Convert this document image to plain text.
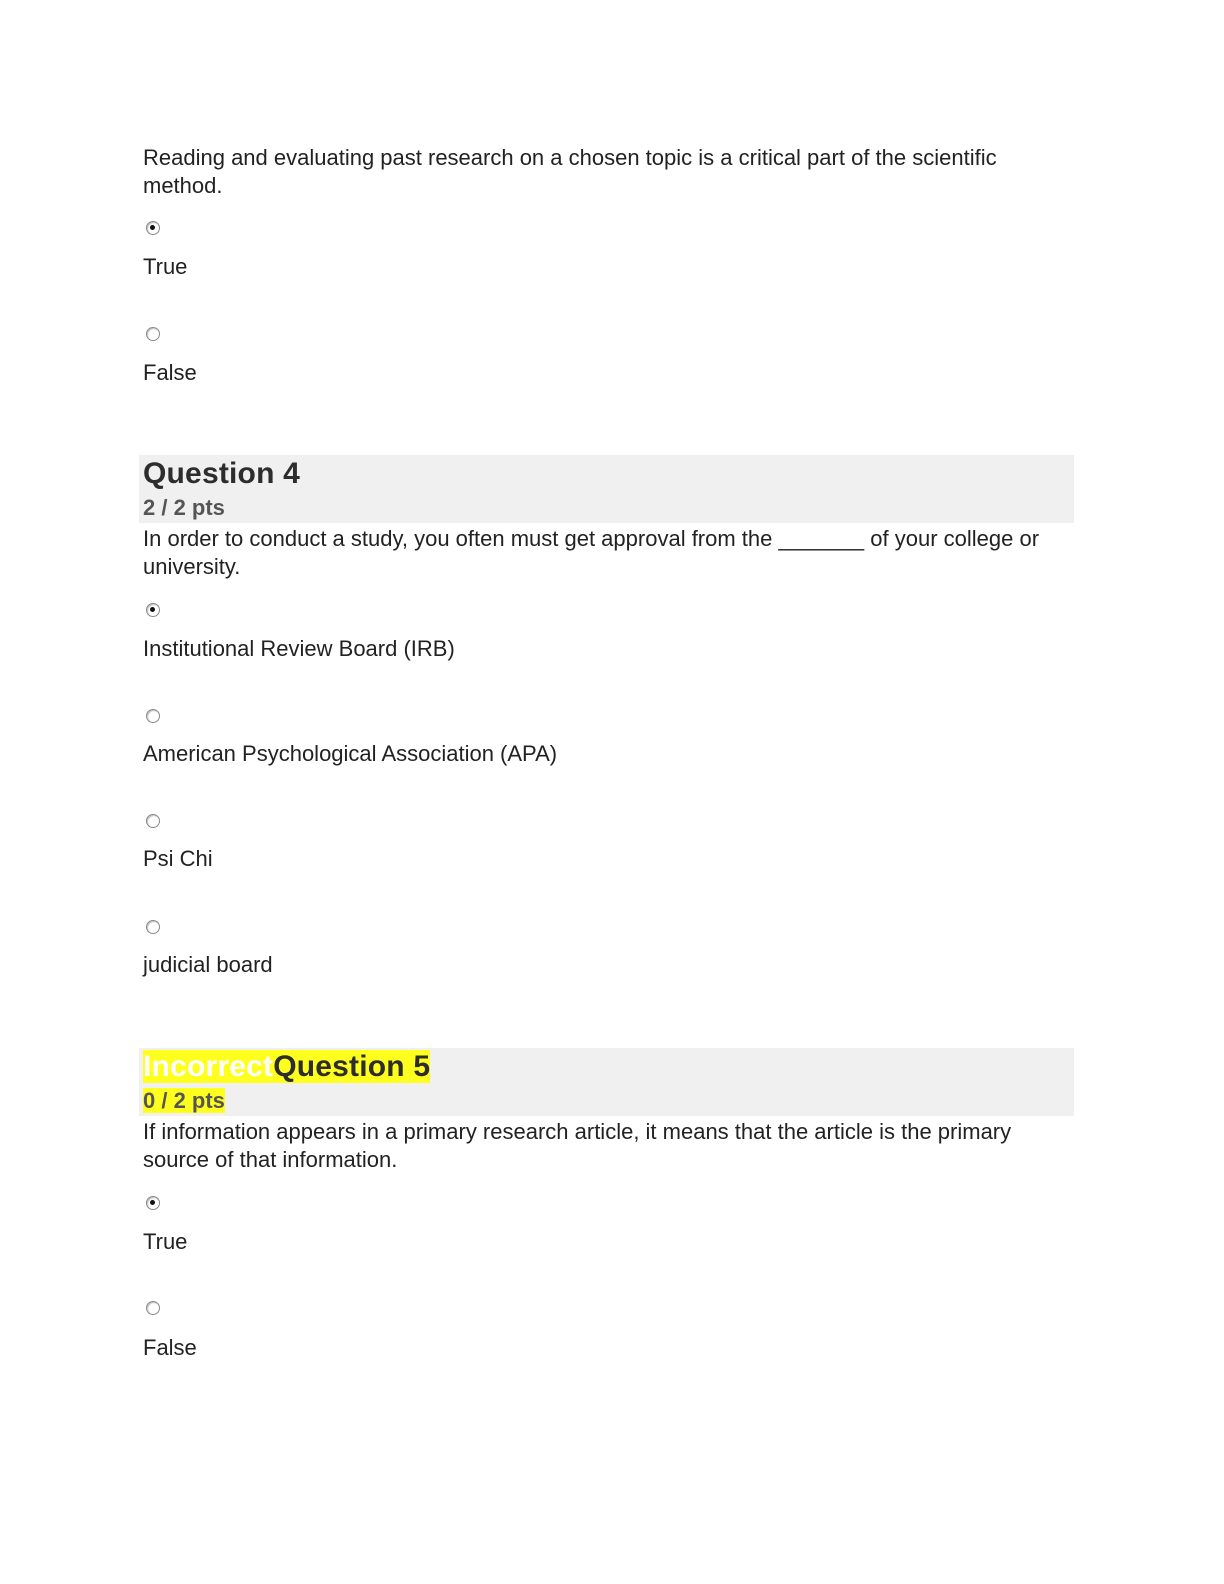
Reading and evaluating past research on a chosen topic is a critical part of the scientific method.
True
False
Question 4
2 / 2 pts
In order to conduct a study, you often must get approval from the _______ of your college or university.
Institutional Review Board (IRB)
American Psychological Association (APA)
Psi Chi
judicial board
IncorrectQuestion 5
0 / 2 pts
If information appears in a primary research article, it means that the article is the primary source of that information.
True
False
